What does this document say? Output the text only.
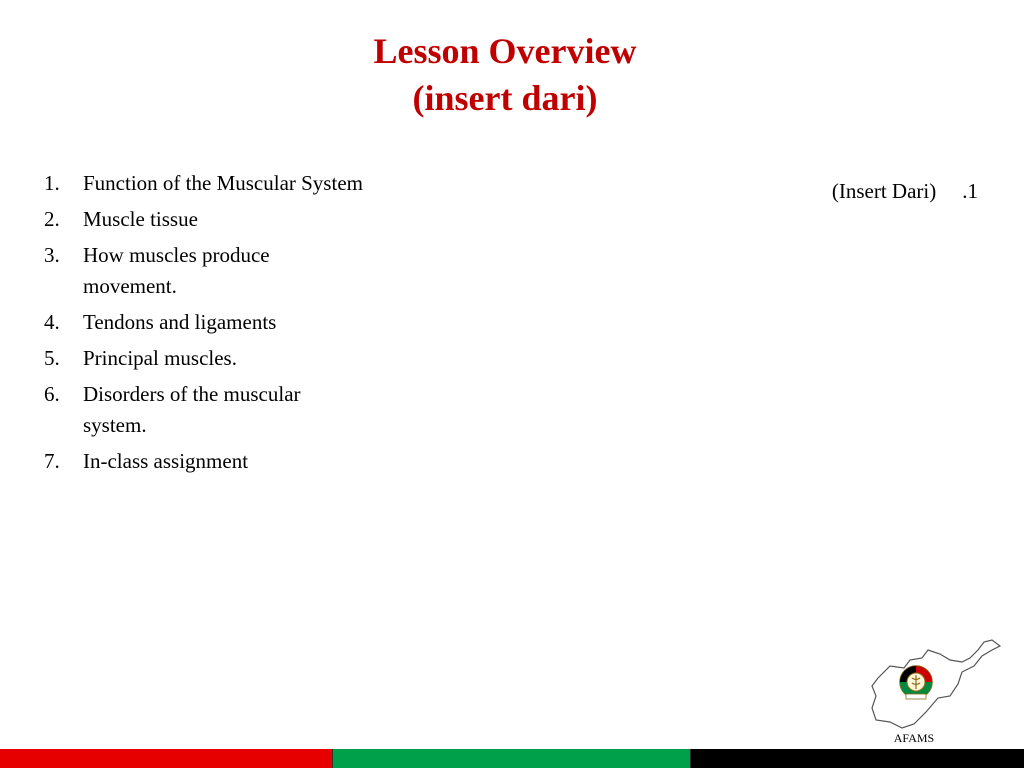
Lesson Overview
(insert dari)
1. Function of the Muscular System
2. Muscle tissue
3. How muscles produce movement.
4. Tendons and ligaments
5. Principal muscles.
6. Disorders of the muscular system.
7. In-class assignment
(Insert Dari) .1
AFAMS
